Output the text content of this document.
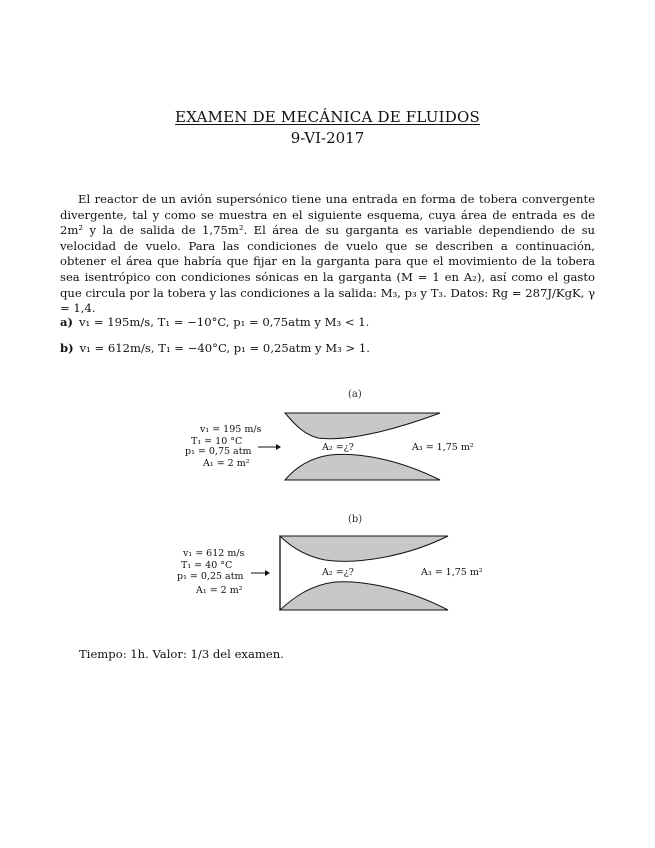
EXAMEN DE MECÁNICA DE FLUIDOS
9-VI-2017
El reactor de un avión supersónico tiene una entrada en forma de tobera convergente divergente, tal y como se muestra en el siguiente esquema, cuya área de entrada es de 2m² y la de salida de 1,75m². El área de su garganta es variable dependiendo de su velocidad de vuelo. Para las condiciones de vuelo que se describen a continuación, obtener el área que habría que fijar en la garganta para que el movimiento de la tobera sea isentrópico con condiciones sónicas en la garganta (M = 1 en A₂), así como el gasto que circula por la tobera y las condiciones a la salida: M₃, p₃ y T₃. Datos: Rg = 287J/KgK, γ = 1,4.
a) v₁ = 195m/s, T₁ = −10°C, p₁ = 0,75atm y M₃ < 1.
b) v₁ = 612m/s, T₁ = −40°C, p₁ = 0,25atm y M₃ > 1.
(a)
v₁ = 195 m/s
T₁ = 10 °C
p₁ = 0,75 atm
A₁ = 2 m²
A₂ =¿?	A₃ = 1,75 m²
(b)
v₁ = 612 m/s
T₁ = 40 °C
p₁ = 0,25 atm
A₁ = 2 m²
A₂ =¿?	A₃ = 1,75 m²
Tiempo: 1h. Valor: 1/3 del examen.
